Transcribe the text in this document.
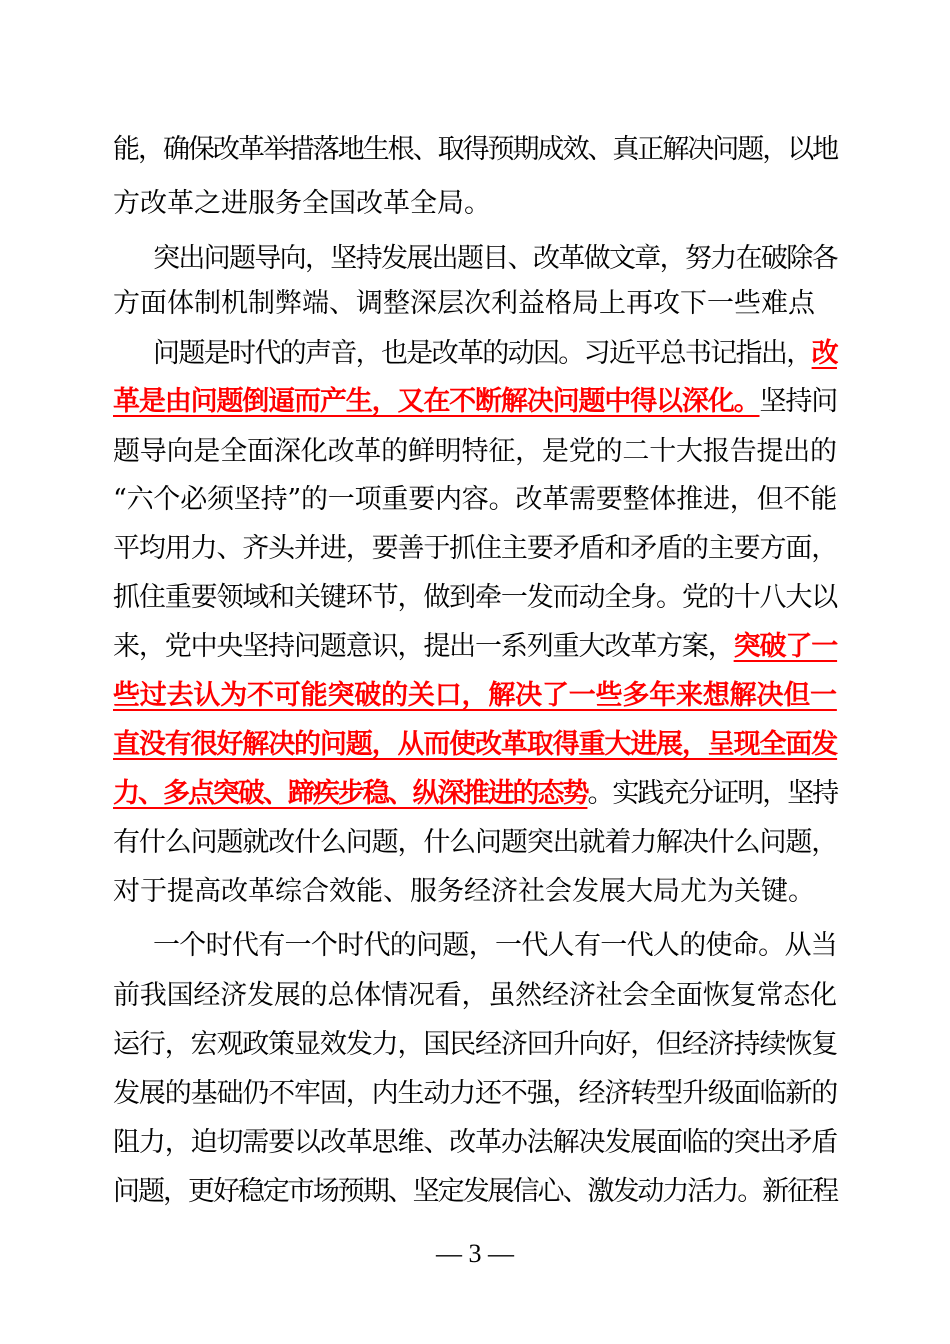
能，确保改革举措落地生根、取得预期成效、真正解决问题，以地
方改革之进服务全国改革全局。
突出问题导向，坚持发展出题目、改革做文章，努力在破除各
方面体制机制弊端、调整深层次利益格局上再攻下一些难点
问题是时代的声音，也是改革的动因。习近平总书记指出，改
革是由问题倒逼而产生，又在不断解决问题中得以深化。坚持问
题导向是全面深化改革的鲜明特征，是党的二十大报告提出的
“六个必须坚持”的一项重要内容。改革需要整体推进，但不能
平均用力、齐头并进，要善于抓住主要矛盾和矛盾的主要方面，
抓住重要领域和关键环节，做到牵一发而动全身。党的十八大以
来，党中央坚持问题意识，提出一系列重大改革方案，突破了一
些过去认为不可能突破的关口，解决了一些多年来想解决但一
直没有很好解决的问题，从而使改革取得重大进展，呈现全面发
力、多点突破、蹄疾步稳、纵深推进的态势。实践充分证明，坚持
有什么问题就改什么问题，什么问题突出就着力解决什么问题，
对于提高改革综合效能、服务经济社会发展大局尤为关键。
一个时代有一个时代的问题，一代人有一代人的使命。从当
前我国经济发展的总体情况看，虽然经济社会全面恢复常态化
运行，宏观政策显效发力，国民经济回升向好，但经济持续恢复
发展的基础仍不牢固，内生动力还不强，经济转型升级面临新的
阻力，迫切需要以改革思维、改革办法解决发展面临的突出矛盾
问题，更好稳定市场预期、坚定发展信心、激发动力活力。新征程
— 3 —
